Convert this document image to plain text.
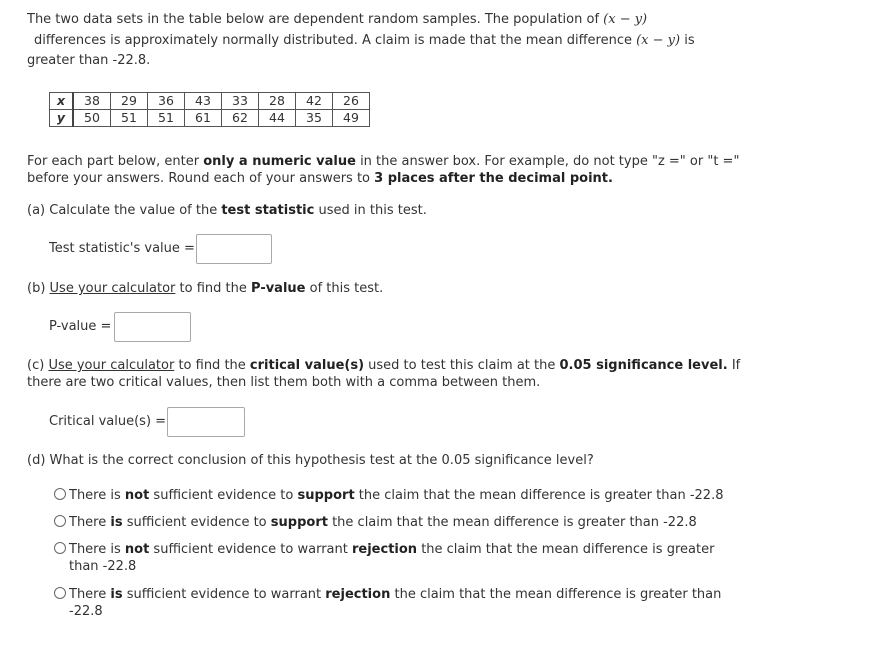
The two data sets in the table below are dependent random samples. The population of (x − y)
differences is approximately normally distributed. A claim is made that the mean difference (x − y) is
greater than -22.8.
x	38	29	36	43	33	28	42	26
y	50	51	51	61	62	44	35	49
For each part below, enter only a numeric value in the answer box. For example, do not type "z =" or "t ="
before your answers. Round each of your answers to 3 places after the decimal point.
(a) Calculate the value of the test statistic used in this test.
Test statistic's value =
(b) Use your calculator to find the P-value of this test.
P-value =
(c) Use your calculator to find the critical value(s) used to test this claim at the 0.05 significance level. If
there are two critical values, then list them both with a comma between them.
Critical value(s) =
(d) What is the correct conclusion of this hypothesis test at the 0.05 significance level?
There is not sufficient evidence to support the claim that the mean difference is greater than -22.8
There is sufficient evidence to support the claim that the mean difference is greater than -22.8
There is not sufficient evidence to warrant rejection the claim that the mean difference is greater
than -22.8
There is sufficient evidence to warrant rejection the claim that the mean difference is greater than
-22.8
